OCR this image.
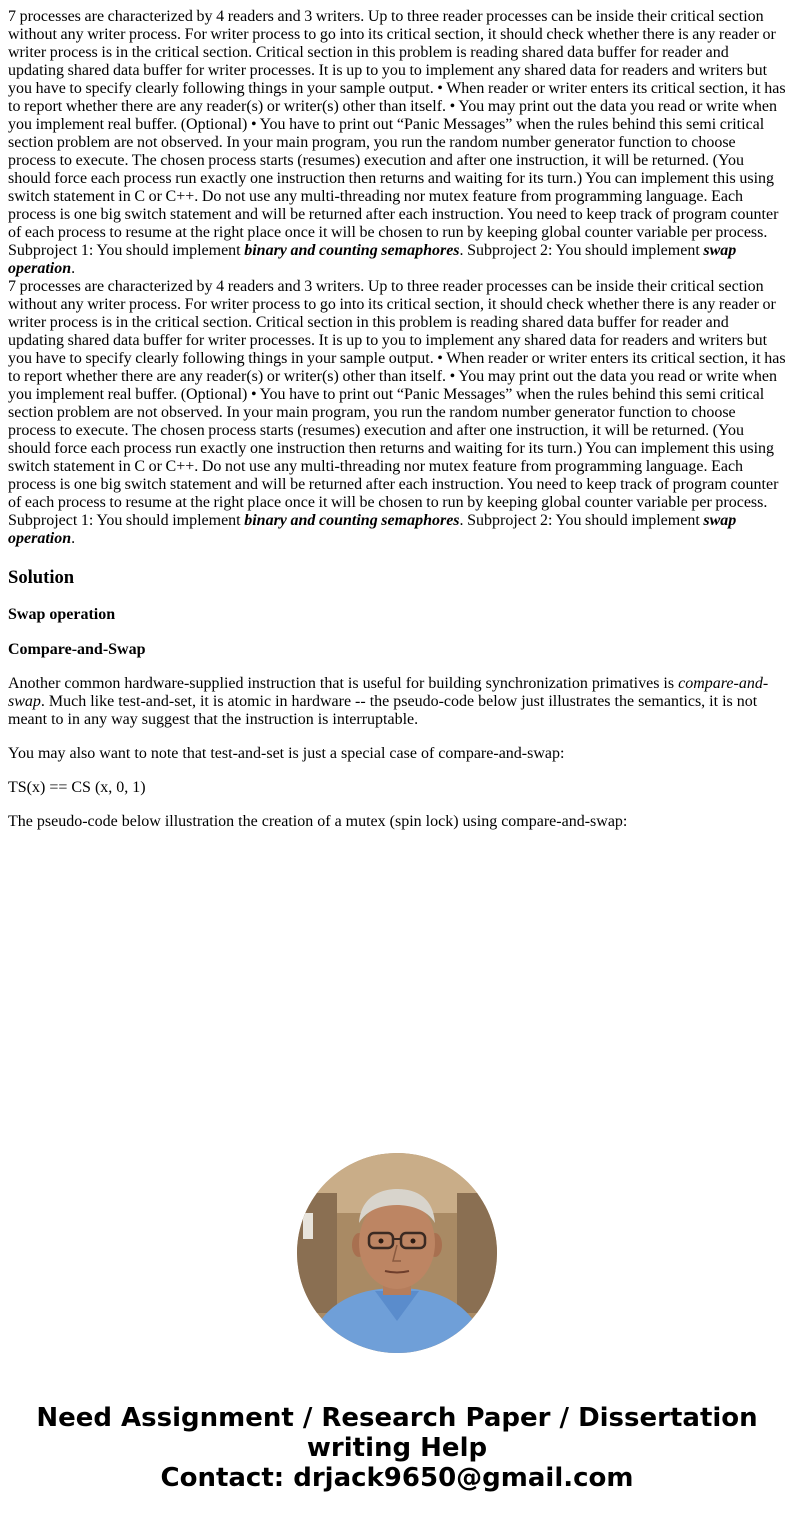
7 processes are characterized by 4 readers and 3 writers. Up to three reader processes can be inside their critical section without any writer process. For writer process to go into its critical section, it should check whether there is any reader or writer process is in the critical section. Critical section in this problem is reading shared data buffer for reader and updating shared data buffer for writer processes. It is up to you to implement any shared data for readers and writers but you have to specify clearly following things in your sample output. • When reader or writer enters its critical section, it has to report whether there are any reader(s) or writer(s) other than itself. • You may print out the data you read or write when you implement real buffer. (Optional) • You have to print out “Panic Messages” when the rules behind this semi critical section problem are not observed. In your main program, you run the random number generator function to choose process to execute. The chosen process starts (resumes) execution and after one instruction, it will be returned. (You should force each process run exactly one instruction then returns and waiting for its turn.) You can implement this using switch statement in C or C++. Do not use any multi-threading nor mutex feature from programming language. Each process is one big switch statement and will be returned after each instruction. You need to keep track of program counter of each process to resume at the right place once it will be chosen to run by keeping global counter variable per process. Subproject 1: You should implement binary and counting semaphores. Subproject 2: You should implement swap operation.

7 processes are characterized by 4 readers and 3 writers. Up to three reader processes can be inside their critical section without any writer process. For writer process to go into its critical section, it should check whether there is any reader or writer process is in the critical section. Critical section in this problem is reading shared data buffer for reader and updating shared data buffer for writer processes. It is up to you to implement any shared data for readers and writers but you have to specify clearly following things in your sample output. • When reader or writer enters its critical section, it has to report whether there are any reader(s) or writer(s) other than itself. • You may print out the data you read or write when you implement real buffer. (Optional) • You have to print out “Panic Messages” when the rules behind this semi critical section problem are not observed. In your main program, you run the random number generator function to choose process to execute. The chosen process starts (resumes) execution and after one instruction, it will be returned. (You should force each process run exactly one instruction then returns and waiting for its turn.) You can implement this using switch statement in C or C++. Do not use any multi-threading nor mutex feature from programming language. Each process is one big switch statement and will be returned after each instruction. You need to keep track of program counter of each process to resume at the right place once it will be chosen to run by keeping global counter variable per process. Subproject 1: You should implement binary and counting semaphores. Subproject 2: You should implement swap operation.

Solution

Swap operation

Compare-and-Swap

Another common hardware-supplied instruction that is useful for building synchronization primatives is compare-and-swap. Much like test-and-set, it is atomic in hardware -- the pseudo-code below just illustrates the semantics, it is not meant to in any way suggest that the instruction is interruptable.

You may also want to note that test-and-set is just a special case of compare-and-swap:

TS(x) == CS (x, 0, 1)

The pseudo-code below illustration the creation of a mutex (spin lock) using compare-and-swap:

Need Assignment / Research Paper / Dissertation
writing Help
Contact: drjack9650@gmail.com
